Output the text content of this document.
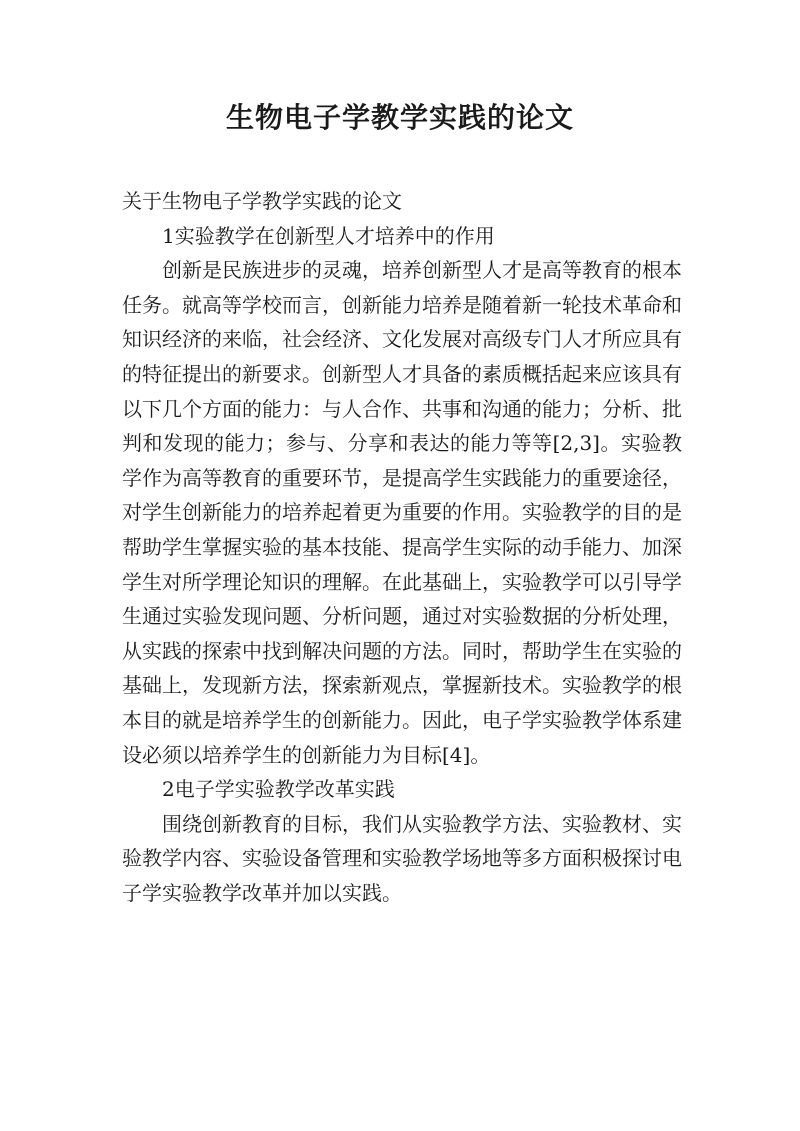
生物电子学教学实践的论文

关于生物电子学教学实践的论文

1实验教学在创新型人才培养中的作用

创新是民族进步的灵魂，培养创新型人才是高等教育的根本任务。就高等学校而言，创新能力培养是随着新一轮技术革命和知识经济的来临，社会经济、文化发展对高级专门人才所应具有的特征提出的新要求。创新型人才具备的素质概括起来应该具有以下几个方面的能力：与人合作、共事和沟通的能力；分析、批判和发现的能力；参与、分享和表达的能力等等[2,3]。实验教学作为高等教育的重要环节，是提高学生实践能力的重要途径，对学生创新能力的培养起着更为重要的作用。实验教学的目的是帮助学生掌握实验的基本技能、提高学生实际的动手能力、加深学生对所学理论知识的理解。在此基础上，实验教学可以引导学生通过实验发现问题、分析问题，通过对实验数据的分析处理，从实践的探索中找到解决问题的方法。同时，帮助学生在实验的基础上，发现新方法，探索新观点，掌握新技术。实验教学的根本目的就是培养学生的创新能力。因此，电子学实验教学体系建设必须以培养学生的创新能力为目标[4]。

2电子学实验教学改革实践

围绕创新教育的目标，我们从实验教学方法、实验教材、实验教学内容、实验设备管理和实验教学场地等多方面积极探讨电子学实验教学改革并加以实践。
